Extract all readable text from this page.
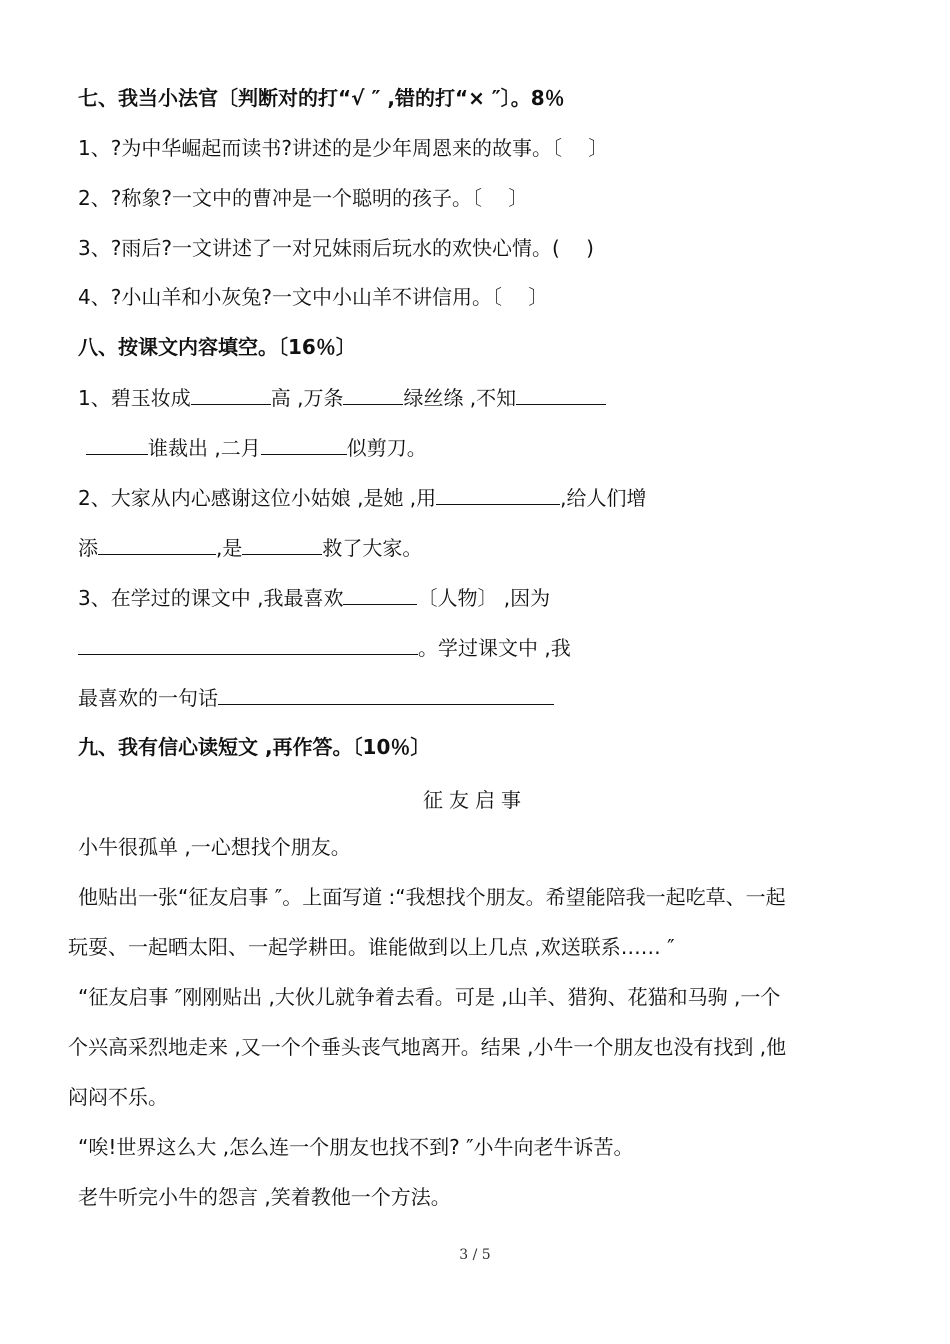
七、我当小法官〔判断对的打“√ ″ ,错的打“× ″〕。8％
1、?为中华崛起而读书?讲述的是少年周恩来的故事。〔　 〕
2、?称象?一文中的曹冲是一个聪明的孩子。〔　 〕
3、?雨后?一文讲述了一对兄妹雨后玩水的欢快心情。(　 )
4、?小山羊和小灰兔?一文中小山羊不讲信用。〔　 〕
八、按课文内容填空。〔16％〕
1、碧玉妆成	高 ,万条	绿丝绦 ,不知
谁裁出 ,二月	似剪刀。
2、大家从内心感谢这位小姑娘 ,是她 ,用	,给人们增
添	,是	救了大家。
3、在学过的课文中 ,我最喜欢	〔人物〕 ,因为
。学过课文中 ,我
最喜欢的一句话
九、我有信心读短文 ,再作答。〔10％〕
征友启事
小牛很孤单 ,一心想找个朋友。
他贴出一张“征友启事 ″。上面写道 :“我想找个朋友。希望能陪我一起吃草、一起
玩耍、一起晒太阳、一起学耕田。谁能做到以上几点 ,欢送联系…… ″
“征友启事 ″刚刚贴出 ,大伙儿就争着去看。可是 ,山羊、猎狗、花猫和马驹 ,一个
个兴高采烈地走来 ,又一个个垂头丧气地离开。结果 ,小牛一个朋友也没有找到 ,他
闷闷不乐。
“唉!世界这么大 ,怎么连一个朋友也找不到? ″小牛向老牛诉苦。
老牛听完小牛的怨言 ,笑着教他一个方法。
3 / 5
